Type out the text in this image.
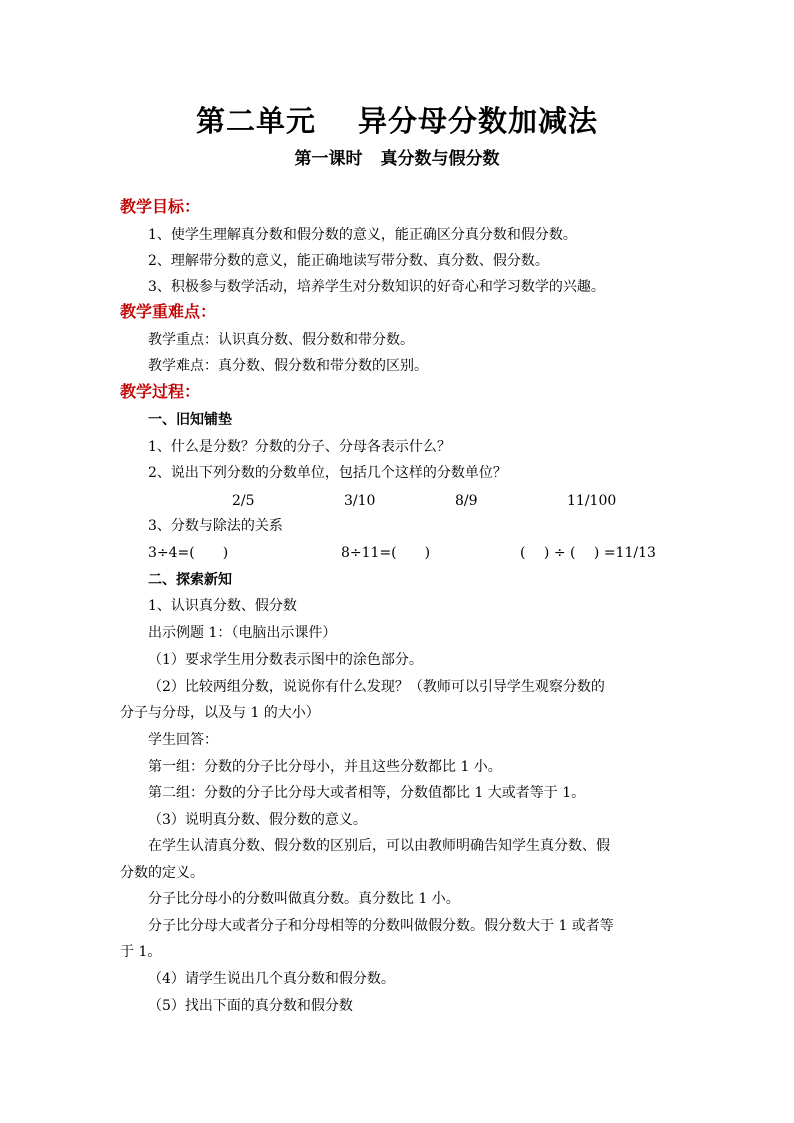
第二单元 异分母分数加减法
第一课时 真分数与假分数
教学目标：
1、使学生理解真分数和假分数的意义，能正确区分真分数和假分数。
2、理解带分数的意义，能正确地读写带分数、真分数、假分数。
3、积极参与数学活动，培养学生对分数知识的好奇心和学习数学的兴趣。
教学重难点：
教学重点：认识真分数、假分数和带分数。
教学难点：真分数、假分数和带分数的区别。
教学过程：
一、旧知铺垫
1、什么是分数？分数的分子、分母各表示什么？
2、说出下列分数的分数单位，包括几个这样的分数单位？
2/5	3/10	8/9	11/100
3、分数与除法的关系
3÷4=(　　)	8÷11=(　　)	(　 ) ÷ (　 ) =11/13
二、探索新知
1、认识真分数、假分数
出示例题 1：（电脑出示课件）
（1）要求学生用分数表示图中的涂色部分。
（2）比较两组分数，说说你有什么发现？（教师可以引导学生观察分数的
分子与分母，以及与 1 的大小）
学生回答：
第一组：分数的分子比分母小，并且这些分数都比 1 小。
第二组：分数的分子比分母大或者相等，分数值都比 1 大或者等于 1。
（3）说明真分数、假分数的意义。
在学生认清真分数、假分数的区别后，可以由教师明确告知学生真分数、假
分数的定义。
分子比分母小的分数叫做真分数。真分数比 1 小。
分子比分母大或者分子和分母相等的分数叫做假分数。假分数大于 1 或者等
于 1。
（4）请学生说出几个真分数和假分数。
（5）找出下面的真分数和假分数
